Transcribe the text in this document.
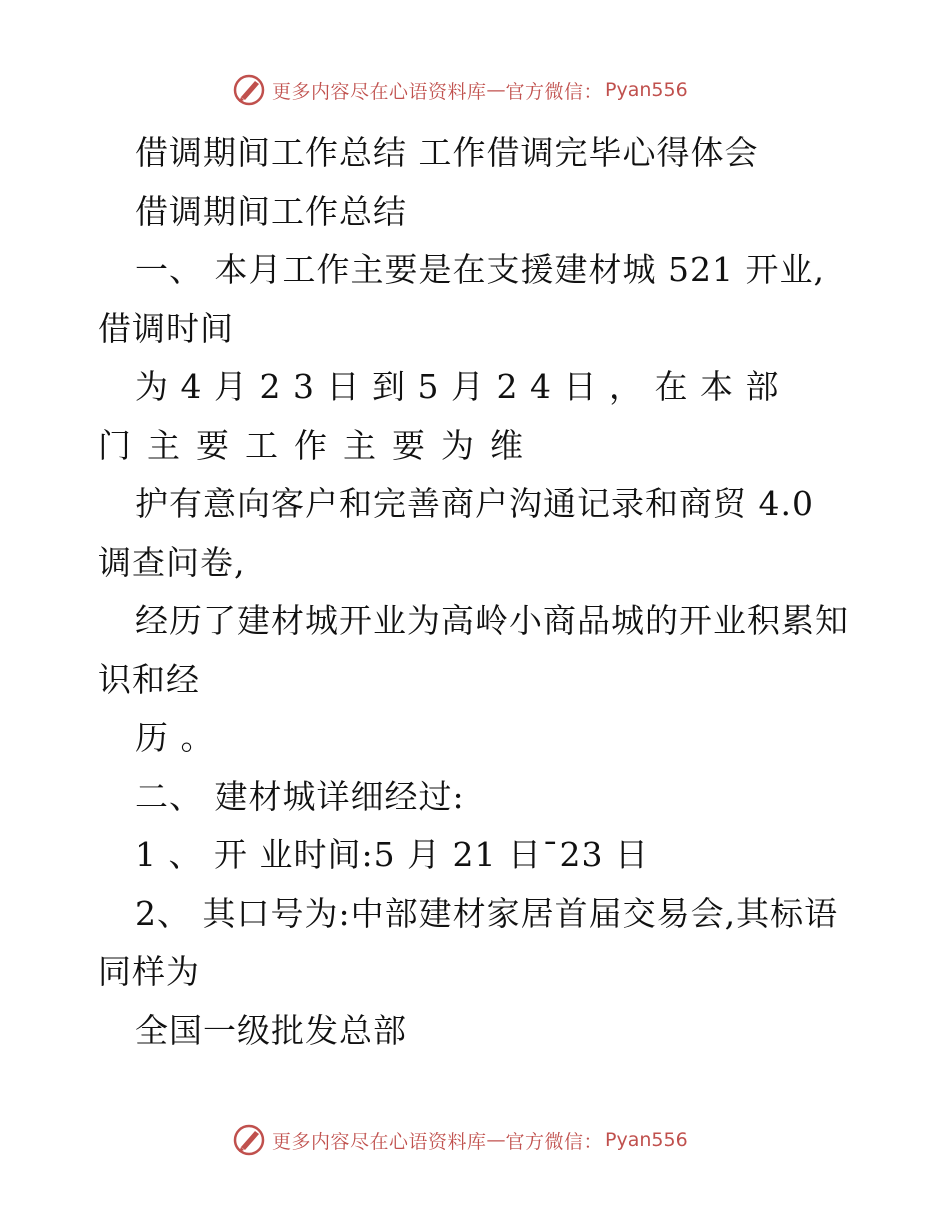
更多内容尽在心语资料库 — 官方微信： Pyan556
借调期间工作总结 工作借调完毕心得体会
借调期间工作总结
一、 本月工作主要是在支援建材城 521 开业,
借调时间
为4月23日到5月24日，在本部
门主要工作主要为维
护有意向客户和完善商户沟通记录和商贸 4.0
调查问卷,
经历了建材城开业为高岭小商品城的开业积累知
识和经
历 。
二、 建材城详细经过:
1 、 开 业时间:5 月 21 日¯23 日
2、 其口号为:中部建材家居首届交易会,其标语
同样为
全国一级批发总部
更多内容尽在心语资料库 — 官方微信： Pyan556
